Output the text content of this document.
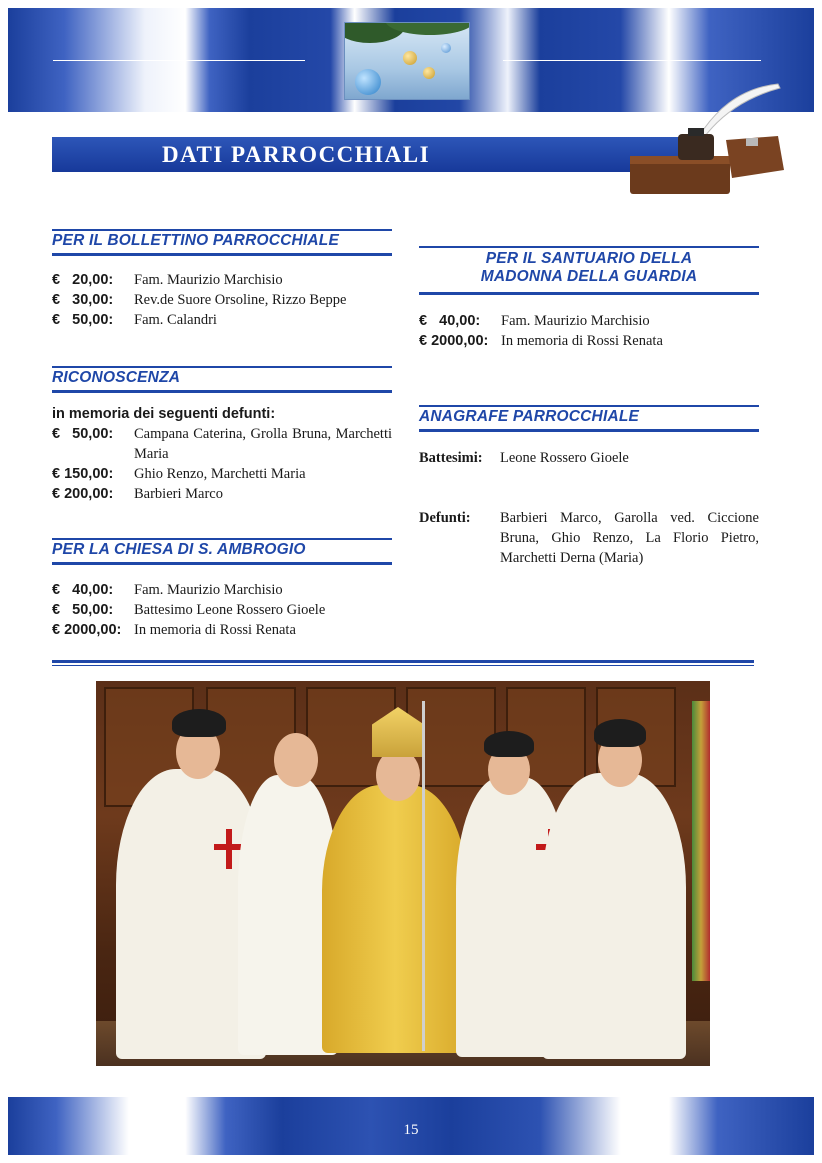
DATI PARROCCHIALI
PER IL BOLLETTINO PARROCCHIALE
€   20,00:	Fam. Maurizio Marchisio
€   30,00:	Rev.de Suore Orsoline, Rizzo Beppe
€   50,00:	Fam. Calandri
RICONOSCENZA
in memoria dei seguenti defunti:
€   50,00:	Campana Caterina, Grolla Bruna, Marchetti Maria
€ 150,00:	Ghio Renzo, Marchetti Maria
€ 200,00:	Barbieri Marco
PER LA CHIESA DI S. AMBROGIO
€   40,00:	Fam. Maurizio Marchisio
€   50,00:	Battesimo Leone Rossero Gioele
€ 2000,00: In memoria di Rossi Renata
PER IL SANTUARIO DELLA
MADONNA DELLA GUARDIA
€   40,00:	Fam. Maurizio Marchisio
€ 2000,00: In memoria di Rossi Renata
ANAGRAFE PARROCCHIALE
Battesimi:	Leone Rossero Gioele
Defunti:	Barbieri Marco, Garolla ved. Ciccione Bruna, Ghio Renzo, La Florio Pietro, Marchetti Derna (Maria)
15
